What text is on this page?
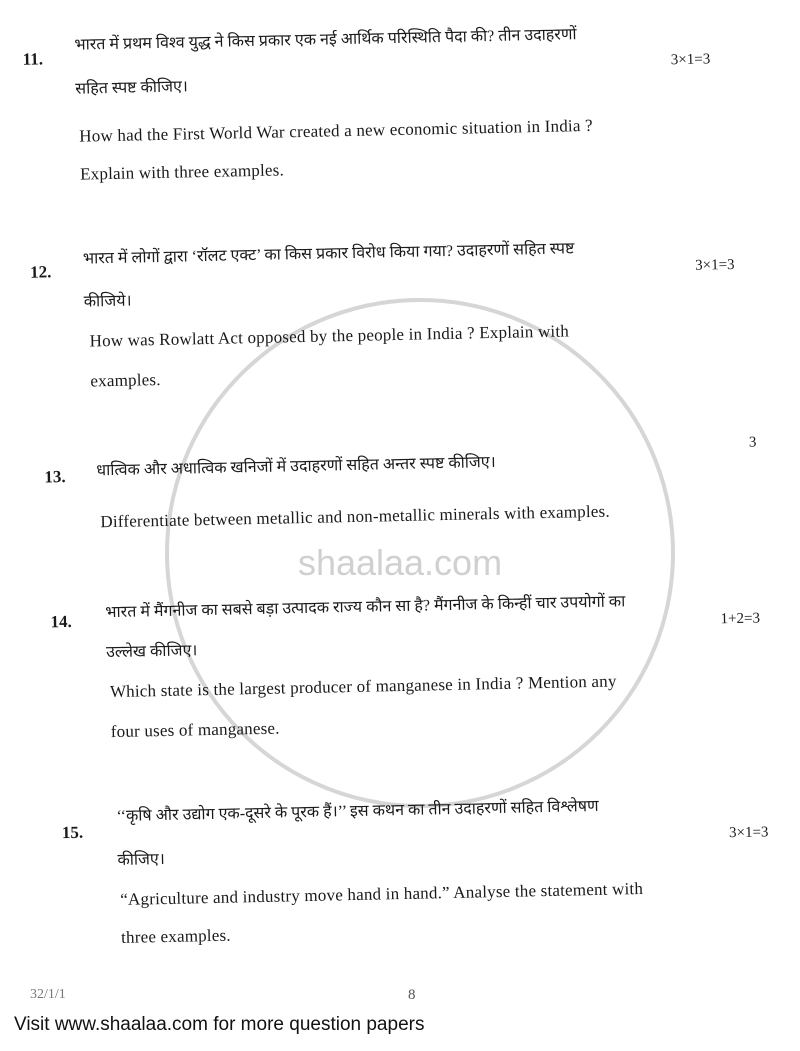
shaalaa.com
11.
भारत में प्रथम विश्व युद्ध ने किस प्रकार एक नई आर्थिक परिस्थिति पैदा की? तीन उदाहरणों
सहित स्पष्ट कीजिए।
3×1=3
How had the First World War created a new economic situation in India ?
Explain with three examples.
12.
भारत में लोगों द्वारा ‘रॉलट एक्ट’ का किस प्रकार विरोध किया गया? उदाहरणों सहित स्पष्ट
कीजिये।
3×1=3
How was Rowlatt Act opposed by the people in India ? Explain with
examples.
13. धात्विक और अधात्विक खनिजों में उदाहरणों सहित अन्तर स्पष्ट कीजिए।
3
Differentiate between metallic and non-metallic minerals with examples.
14.
भारत में मैंगनीज का सबसे बड़ा उत्पादक राज्य कौन सा है? मैंगनीज के किन्हीं चार उपयोगों का
उल्लेख कीजिए।
1+2=3
Which state is the largest producer of manganese in India ? Mention any
four uses of manganese.
15.
‘‘कृषि और उद्योग एक-दूसरे के पूरक हैं।’’ इस कथन का तीन उदाहरणों सहित विश्लेषण
कीजिए।
3×1=3
“Agriculture and industry move hand in hand.” Analyse the statement with
three examples.
8
32/1/1
Visit www.shaalaa.com for more question papers
